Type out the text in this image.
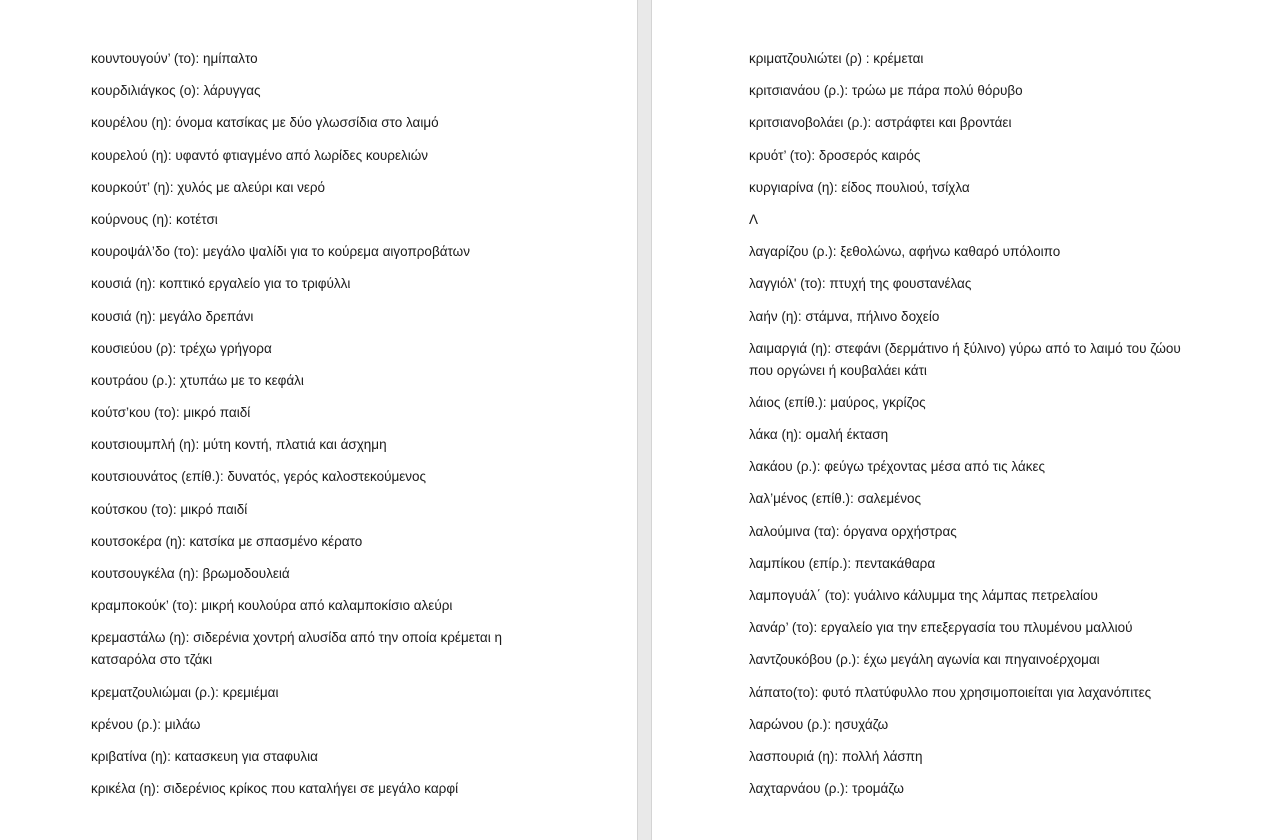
κουντουγούν’ (το): ημίπαλτο
κουρδιλιάγκος (ο): λάρυγγας
κουρέλου (η): όνομα κατσίκας με δύο γλωσσίδια στο λαιμό
κουρελού (η): υφαντό φτιαγμένο από λωρίδες κουρελιών
κουρκούτ’ (η): χυλός με αλεύρι και νερό
κούρνους (η): κοτέτσι
κουροψάλ’δο (το): μεγάλο ψαλίδι για το κούρεμα αιγοπροβάτων
κουσιά (η): κοπτικό εργαλείο για το τριφύλλι
κουσιά (η): μεγάλο δρεπάνι
κουσιεύου (ρ): τρέχω γρήγορα
κουτράου (ρ.): χτυπάω με το κεφάλι
κούτσ’κου (το): μικρό παιδί
κουτσιουμπλή (η): μύτη κοντή, πλατιά και άσχημη
κουτσιουνάτος (επίθ.): δυνατός, γερός καλοστεκούμενος
κούτσκου (το): μικρό παιδί
κουτσοκέρα (η): κατσίκα με σπασμένο κέρατο
κουτσουγκέλα (η): βρωμοδουλειά
κραμποκούκ’ (το): μικρή κουλούρα από καλαμποκίσιο αλεύρι
κρεμαστάλω (η): σιδερένια χοντρή αλυσίδα από την οποία κρέμεται η κατσαρόλα στο τζάκι
κρεματζουλιώμαι (ρ.): κρεμιέμαι
κρένου (ρ.): μιλάω
κριβατίνα (η): κατασκευη για σταφυλια
κρικέλα (η): σιδερένιος κρίκος που καταλήγει σε μεγάλο καρφί
κριματζουλιώτει (ρ) : κρέμεται
κριτσιανάου (ρ.): τρώω με πάρα πολύ θόρυβο
κριτσιανοβολάει (ρ.): αστράφτει και βροντάει
κρυότ’ (το): δροσερός καιρός
κυργιαρίνα (η): είδος πουλιού, τσίχλα
Λ
λαγαρίζου (ρ.): ξεθολώνω, αφήνω καθαρό υπόλοιπο
λαγγιόλ' (το): πτυχή της φουστανέλας
λαήν (η): στάμνα, πήλινο δοχείο
λαιμαργιά (η): στεφάνι (δερμάτινο ή ξύλινο) γύρω από το λαιμό του ζώου που οργώνει ή κουβαλάει κάτι
λάιος (επίθ.): μαύρος, γκρίζος
λάκα (η): ομαλή έκταση
λακάου (ρ.): φεύγω τρέχοντας μέσα από τις λάκες
λαλ’μένος (επίθ.): σαλεμένος
λαλούμινα (τα): όργανα ορχήστρας
λαμπίκου (επίρ.): πεντακάθαρα
λαμπογυάλ΄ (το): γυάλινο κάλυμμα της λάμπας πετρελαίου
λανάρ’ (το): εργαλείο για την επεξεργασία του πλυμένου μαλλιού
λαντζουκόβου (ρ.): έχω μεγάλη αγωνία και πηγαινοέρχομαι
λάπατο(το): φυτό πλατύφυλλο που χρησιμοποιείται για λαχανόπιτες
λαρώνου (ρ.): ησυχάζω
λασπουριά (η): πολλή λάσπη
λαχταρνάου (ρ.): τρομάζω
